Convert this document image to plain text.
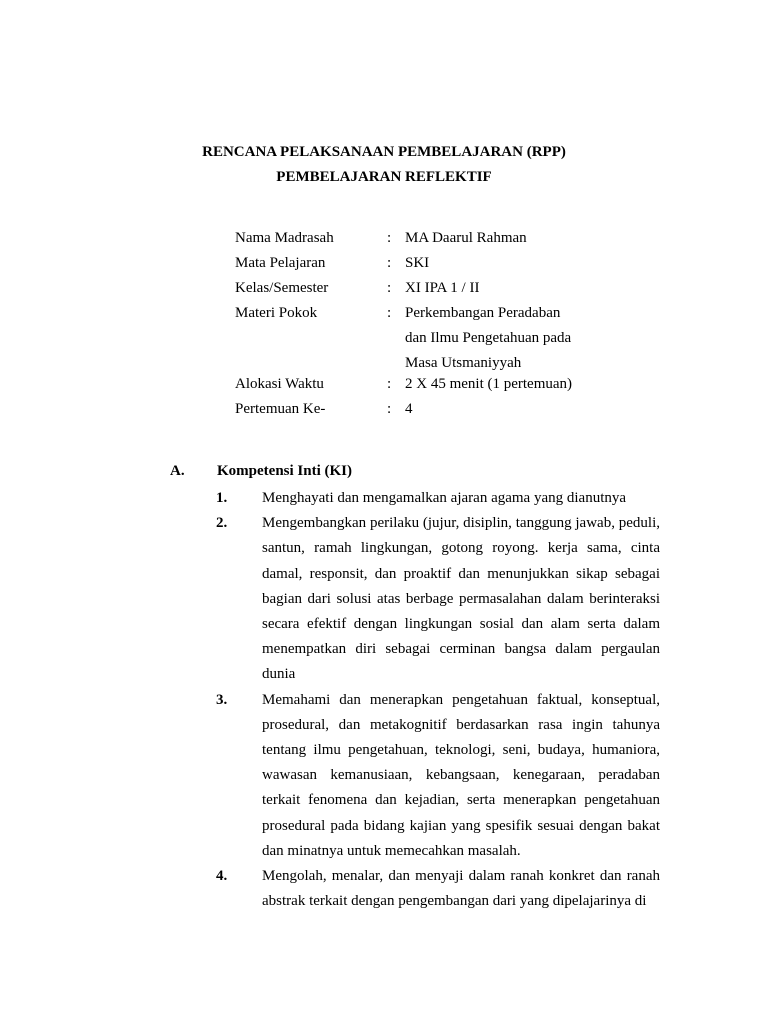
RENCANA PELAKSANAAN PEMBELAJARAN (RPP)
PEMBELAJARAN REFLEKTIF
Nama Madrasah	: MA Daarul Rahman
Mata Pelajaran	: SKI
Kelas/Semester	: XI IPA 1 / II
Materi Pokok	: Perkembangan Peradaban dan Ilmu Pengetahuan pada Masa Utsmaniyyah
Alokasi Waktu	: 2 X 45 menit (1 pertemuan)
Pertemuan Ke-	: 4
A. Kompetensi Inti (KI)
1.	Menghayati dan mengamalkan ajaran agama yang dianutnya
2.	Mengembangkan perilaku (jujur, disiplin, tanggung jawab, peduli, santun, ramah lingkungan, gotong royong. kerja sama, cinta damal, responsit, dan proaktif dan menunjukkan sikap sebagai bagian dari solusi atas berbage permasalahan dalam berinteraksi secara efektif dengan lingkungan sosial dan alam serta dalam menempatkan diri sebagai cerminan bangsa dalam pergaulan dunia
3.	Memahami dan menerapkan pengetahuan faktual, konseptual, prosedural, dan metakognitif berdasarkan rasa ingin tahunya tentang ilmu pengetahuan, teknologi, seni, budaya, humaniora, wawasan kemanusiaan, kebangsaan, kenegaraan, peradaban terkait fenomena dan kejadian, serta menerapkan pengetahuan prosedural pada bidang kajian yang spesifik sesuai dengan bakat dan minatnya untuk memecahkan masalah.
4.	Mengolah, menalar, dan menyaji dalam ranah konkret dan ranah abstrak terkait dengan pengembangan dari yang dipelajarinya di
